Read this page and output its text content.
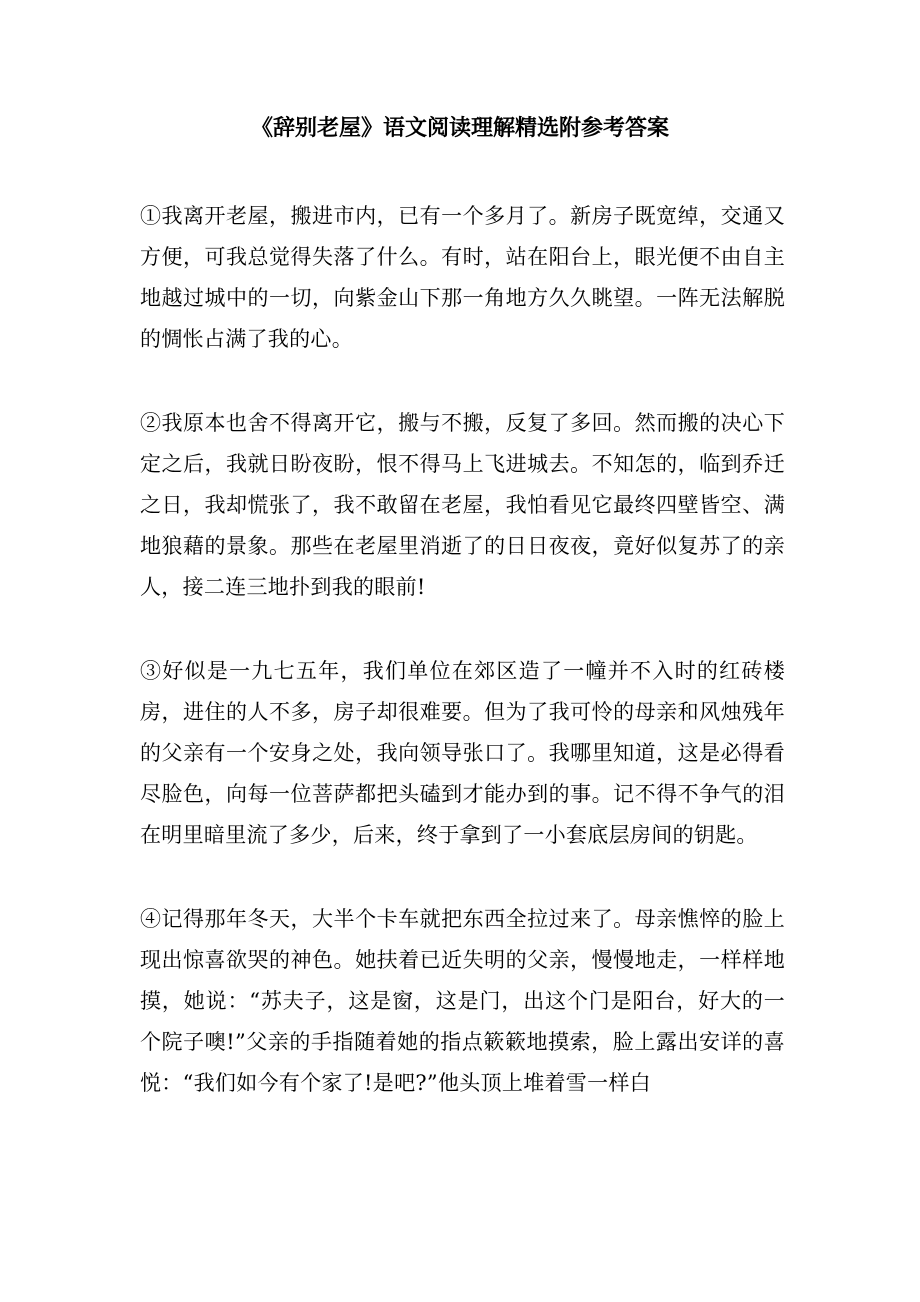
《辞别老屋》语文阅读理解精选附参考答案

①我离开老屋，搬进市内，已有一个多月了。新房子既宽绰，交通又方便，可我总觉得失落了什么。有时，站在阳台上，眼光便不由自主地越过城中的一切，向紫金山下那一角地方久久眺望。一阵无法解脱的惆怅占满了我的心。

②我原本也舍不得离开它，搬与不搬，反复了多回。然而搬的决心下定之后，我就日盼夜盼，恨不得马上飞进城去。不知怎的，临到乔迁之日，我却慌张了，我不敢留在老屋，我怕看见它最终四壁皆空、满地狼藉的景象。那些在老屋里消逝了的日日夜夜，竟好似复苏了的亲人，接二连三地扑到我的眼前!

③好似是一九七五年，我们单位在郊区造了一幢并不入时的红砖楼房，进住的人不多，房子却很难要。但为了我可怜的母亲和风烛残年的父亲有一个安身之处，我向领导张口了。我哪里知道，这是必得看尽脸色，向每一位菩萨都把头磕到才能办到的事。记不得不争气的泪在明里暗里流了多少，后来，终于拿到了一小套底层房间的钥匙。

④记得那年冬天，大半个卡车就把东西全拉过来了。母亲憔悴的脸上现出惊喜欲哭的神色。她扶着已近失明的父亲，慢慢地走，一样样地摸，她说：“苏夫子，这是窗，这是门，出这个门是阳台，好大的一个院子噢!”父亲的手指随着她的指点簌簌地摸索，脸上露出安详的喜悦：“我们如今有个家了!是吧?”他头顶上堆着雪一样白
